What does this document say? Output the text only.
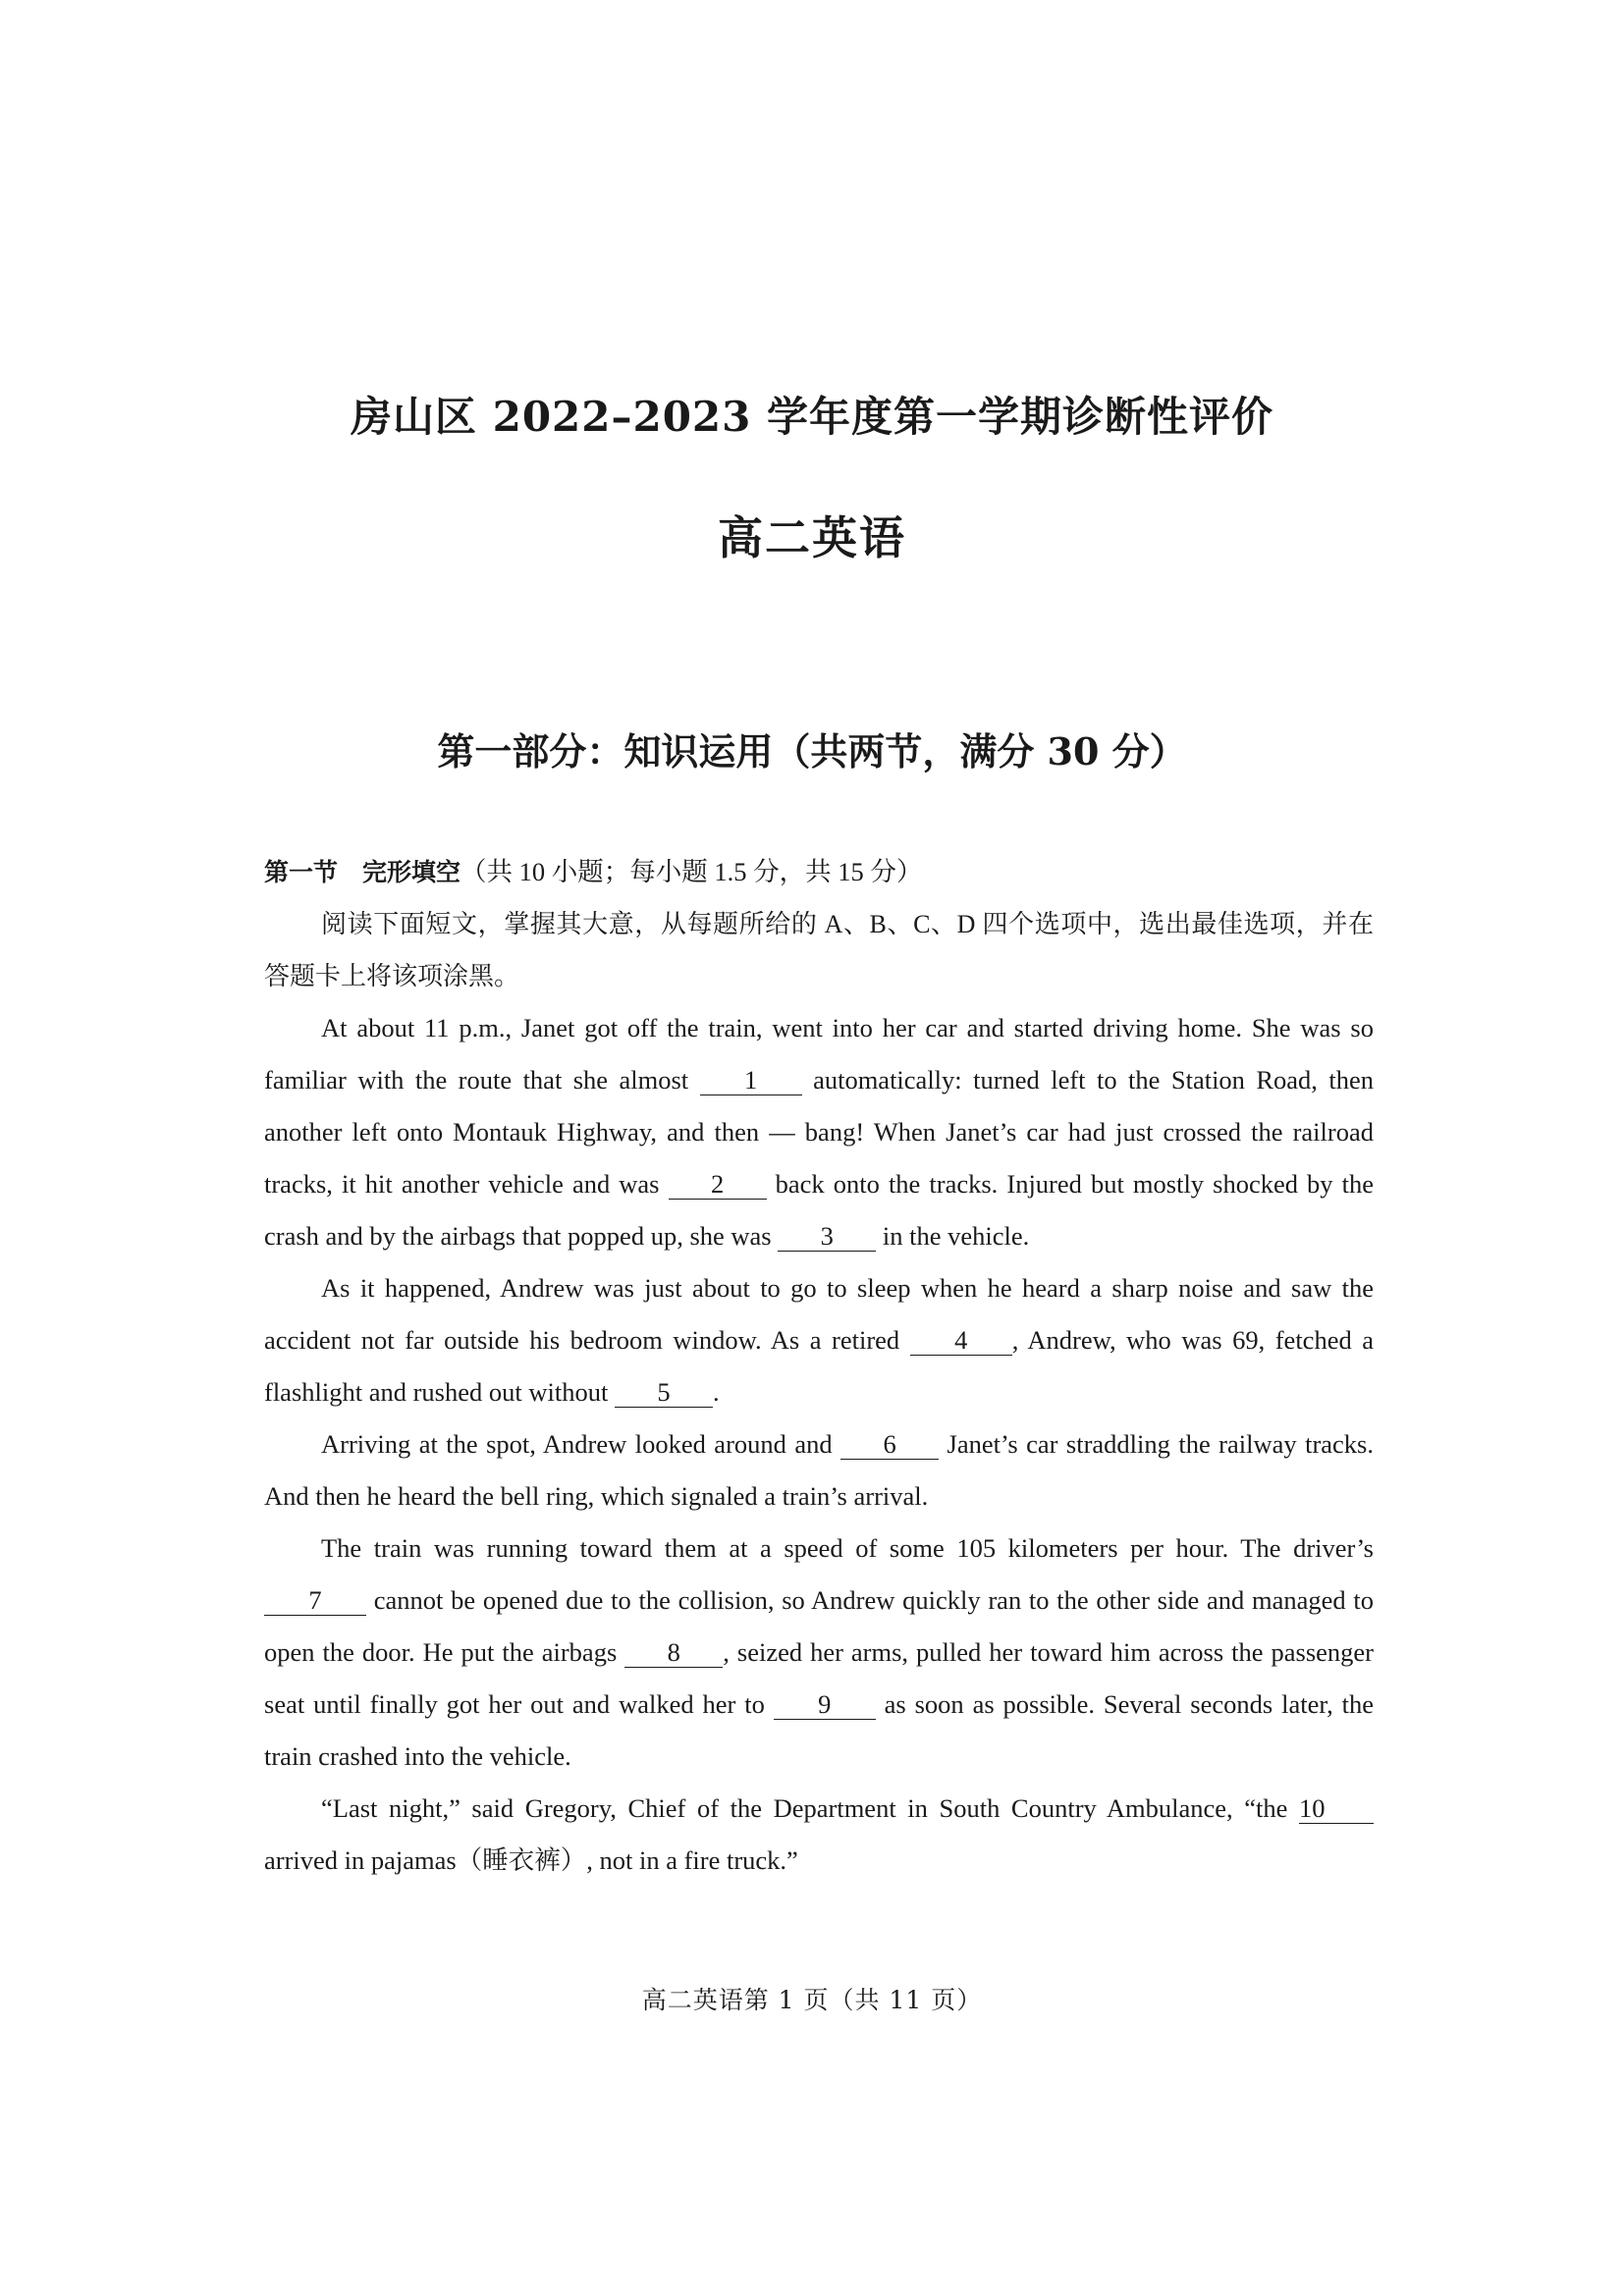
房山区 2022–2023 学年度第一学期诊断性评价
高二英语
第一部分：知识运用（共两节，满分 30 分）
第一节　完形填空（共 10 小题；每小题 1.5 分，共 15 分）
阅读下面短文，掌握其大意，从每题所给的 A、B、C、D 四个选项中，选出最佳选项，并在答题卡上将该项涂黑。

At about 11 p.m., Janet got off the train, went into her car and started driving home. She was so familiar with the route that she almost 1 automatically: turned left to the Station Road, then another left onto Montauk Highway, and then — bang! When Janet’s car had just crossed the railroad tracks, it hit another vehicle and was 2 back onto the tracks. Injured but mostly shocked by the crash and by the airbags that popped up, she was 3 in the vehicle.

As it happened, Andrew was just about to go to sleep when he heard a sharp noise and saw the accident not far outside his bedroom window. As a retired 4 , Andrew, who was 69, fetched a flashlight and rushed out without 5 .

Arriving at the spot, Andrew looked around and 6 Janet’s car straddling the railway tracks. And then he heard the bell ring, which signaled a train’s arrival.

The train was running toward them at a speed of some 105 kilometers per hour. The driver’s 7 cannot be opened due to the collision, so Andrew quickly ran to the other side and managed to open the door. He put the airbags 8 , seized her arms, pulled her toward him across the passenger seat until finally got her out and walked her to 9 as soon as possible. Several seconds later, the train crashed into the vehicle.

“Last night,” said Gregory, Chief of the Department in South Country Ambulance, “the 10 arrived in pajamas（睡衣裤）, not in a fire truck.”

高二英语第 1 页（共 11 页）
